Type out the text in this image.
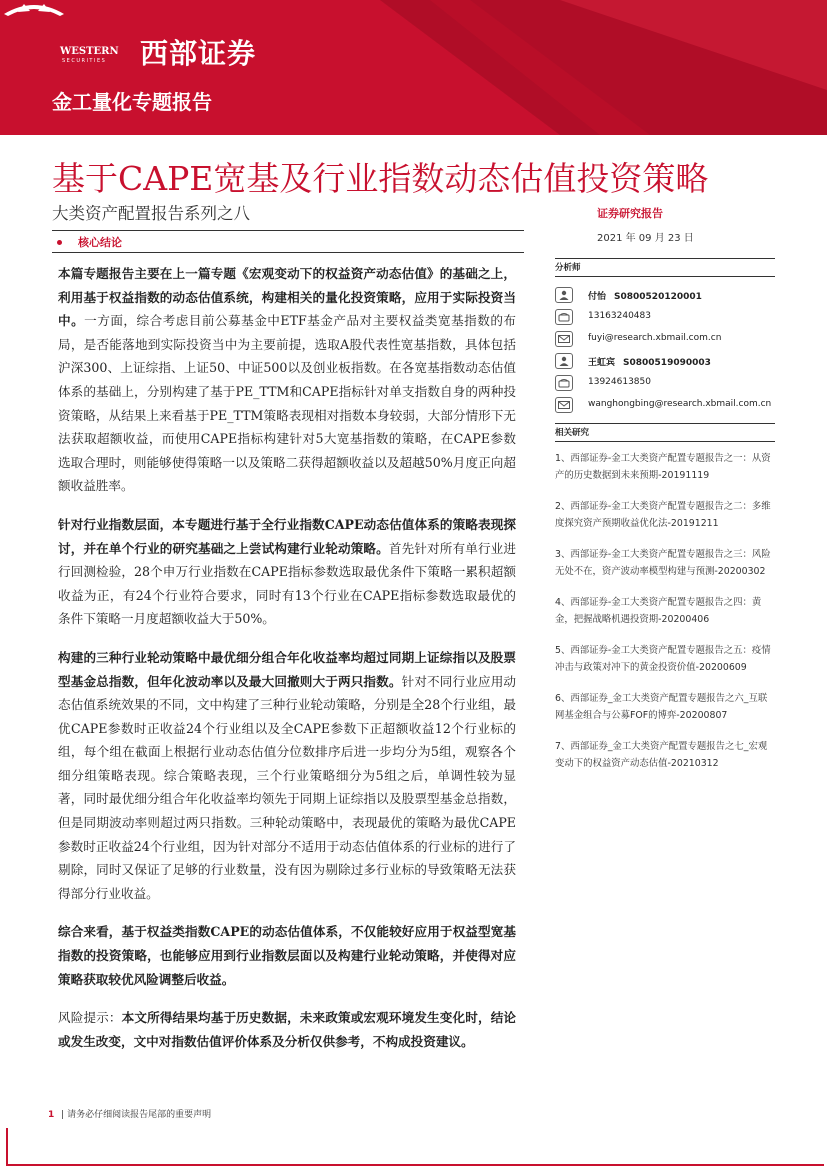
WESTERN
SECURITIES 西部证券
金工量化专题报告
基于CAPE宽基及行业指数动态估值投资策略
大类资产配置报告系列之八	证券研究报告
2021 年 09 月 23 日
核心结论

本篇专题报告主要在上一篇专题《宏观变动下的权益资产动态估值》的基础之上，利用基于权益指数的动态估值系统，构建相关的量化投资策略，应用于实际投资当中。一方面，综合考虑目前公募基金中ETF基金产品对主要权益类宽基指数的布局，是否能落地到实际投资当中为主要前提，选取A股代表性宽基指数，具体包括沪深300、上证综指、上证50、中证500以及创业板指数。在各宽基指数动态估值体系的基础上，分别构建了基于PE_TTM和CAPE指标针对单支指数自身的两种投资策略，从结果上来看基于PE_TTM策略表现相对指数本身较弱，大部分情形下无法获取超额收益，而使用CAPE指标构建针对5大宽基指数的策略，在CAPE参数选取合理时，则能够使得策略一以及策略二获得超额收益以及超越50%月度正向超额收益胜率。

针对行业指数层面，本专题进行基于全行业指数CAPE动态估值体系的策略表现探讨，并在单个行业的研究基础之上尝试构建行业轮动策略。首先针对所有单行业进行回测检验，28个申万行业指数在CAPE指标参数选取最优条件下策略一累积超额收益为正，有24个行业符合要求，同时有13个行业在CAPE指标参数选取最优的条件下策略一月度超额收益大于50%。

构建的三种行业轮动策略中最优细分组合年化收益率均超过同期上证综指以及股票型基金总指数，但年化波动率以及最大回撤则大于两只指数。针对不同行业应用动态估值系统效果的不同，文中构建了三种行业轮动策略，分别是全28个行业组，最优CAPE参数时正收益24个行业组以及全CAPE参数下正超额收益12个行业标的组，每个组在截面上根据行业动态估值分位数排序后进一步均分为5组，观察各个细分组策略表现。综合策略表现，三个行业策略细分为5组之后，单调性较为显著，同时最优细分组合年化收益率均领先于同期上证综指以及股票型基金总指数，但是同期波动率则超过两只指数。三种轮动策略中，表现最优的策略为最优CAPE参数时正收益24个行业组，因为针对部分不适用于动态估值体系的行业标的进行了剔除，同时又保证了足够的行业数量，没有因为剔除过多行业标的导致策略无法获得部分行业收益。

综合来看，基于权益类指数CAPE的动态估值体系，不仅能较好应用于权益型宽基指数的投资策略，也能够应用到行业指数层面以及构建行业轮动策略，并使得对应策略获取较优风险调整后收益。

风险提示：本文所得结果均基于历史数据，未来政策或宏观环境发生变化时，结论或发生改变，文中对指数估值评价体系及分析仅供参考，不构成投资建议。

分析师
付怡 S0800520120001
13163240483
fuyi@research.xbmail.com.cn
王虹宾 S0800519090003
13924613850
wanghongbing@research.xbmail.com.cn
相关研究
1、西部证券-金工大类资产配置专题报告之一：从资产的历史数据到未来预期-20191119
2、西部证券-金工大类资产配置专题报告之二：多维度探究资产预期收益优化法-20191211
3、西部证券-金工大类资产配置专题报告之三：风险无处不在，资产波动率模型构建与预测-20200302
4、西部证券-金工大类资产配置专题报告之四：黄金，把握战略机遇投资期-20200406
5、西部证券-金工大类资产配置专题报告之五：疫情冲击与政策对冲下的黄金投资价值-20200609
6、西部证券_金工大类资产配置专题报告之六_互联网基金组合与公募FOF的博弈-20200807
7、西部证券_金工大类资产配置专题报告之七_宏观变动下的权益资产动态估值-20210312
1 | 请务必仔细阅读报告尾部的重要声明
